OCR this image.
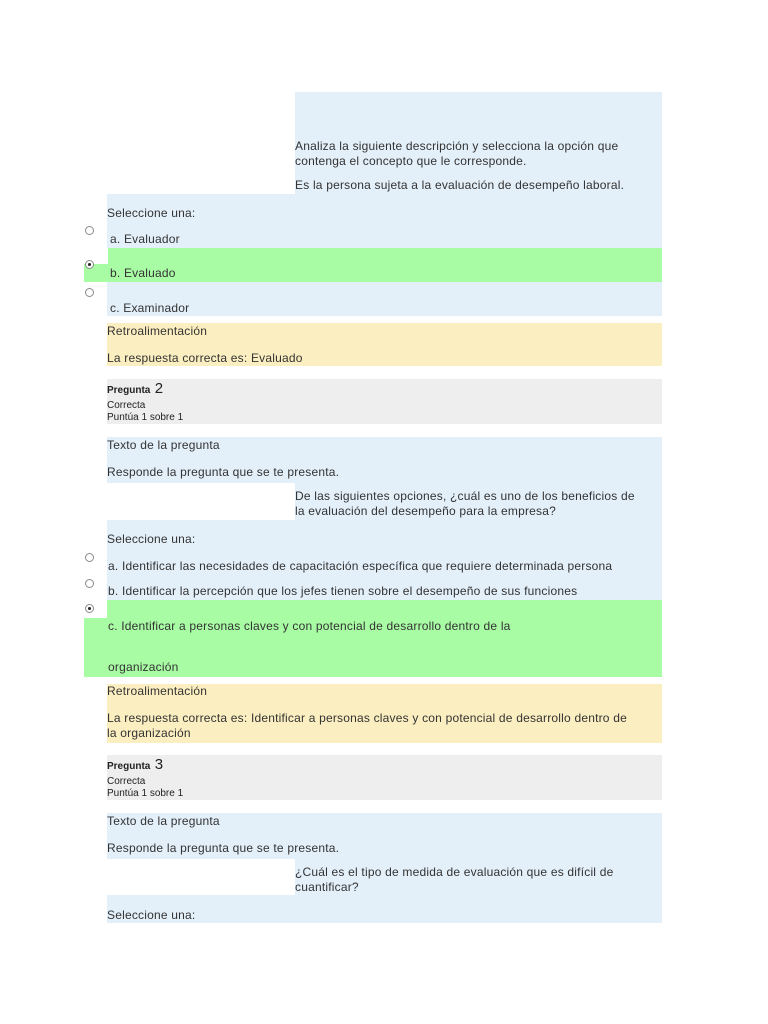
Analiza la siguiente descripción y selecciona la opción que
contenga el concepto que le corresponde.
Es la persona sujeta a la evaluación de desempeño laboral.
Seleccione una:
a. Evaluador
b. Evaluado
c. Examinador
Retroalimentación
La respuesta correcta es: Evaluado
Pregunta 2
Correcta
Puntúa 1 sobre 1
Texto de la pregunta
Responde la pregunta que se te presenta.
De las siguientes opciones, ¿cuál es uno de los beneficios de
la evaluación del desempeño para la empresa?
Seleccione una:
a. Identificar las necesidades de capacitación específica que requiere determinada persona
b. Identificar la percepción que los jefes tienen sobre el desempeño de sus funciones
c. Identificar a personas claves y con potencial de desarrollo dentro de la
organización
Retroalimentación
La respuesta correcta es: Identificar a personas claves y con potencial de desarrollo dentro de
la organización
Pregunta 3
Correcta
Puntúa 1 sobre 1
Texto de la pregunta
Responde la pregunta que se te presenta.
¿Cuál es el tipo de medida de evaluación que es difícil de
cuantificar?
Seleccione una:
